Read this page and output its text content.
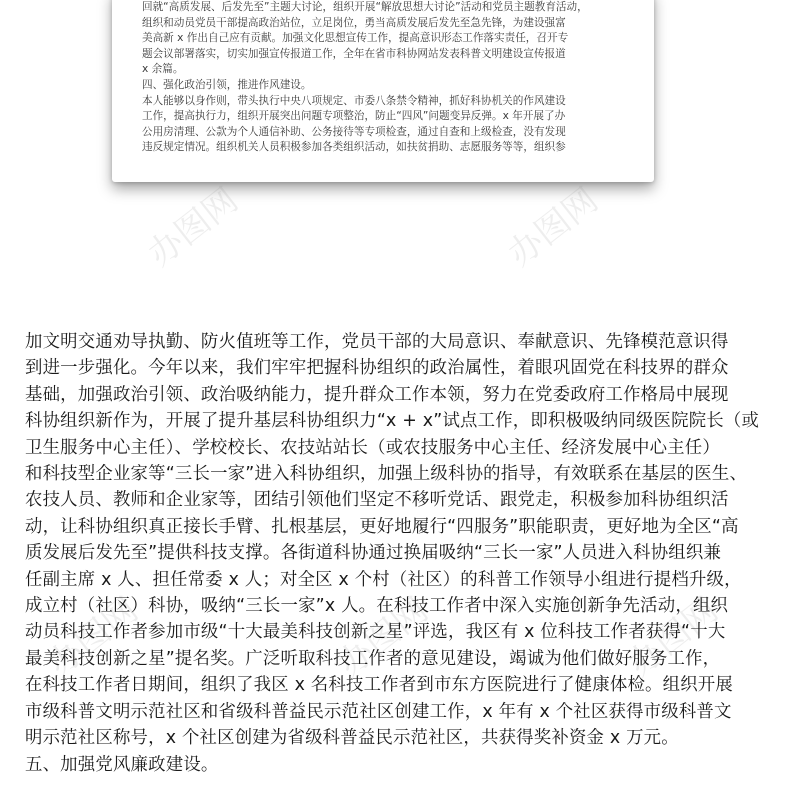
回就“高质发展、后发先至”主题大讨论，组织开展“解放思想大讨论”活动和党员主题教育活动，
组织和动员党员干部提高政治站位，立足岗位，勇当高质发展后发先至急先锋，为建设强富
美高新 x 作出自己应有贡献。加强文化思想宣传工作，提高意识形态工作落实责任，召开专
题会议部署落实，切实加强宣传报道工作，全年在省市科协网站发表科普文明建设宣传报道
x 余篇。
四、强化政治引领，推进作风建设。
本人能够以身作则，带头执行中央八项规定、市委八条禁令精神，抓好科协机关的作风建设
工作，提高执行力，组织开展突出问题专项整治，防止“四风”问题变异反弹。x 年开展了办
公用房清理、公款为个人通信补助、公务接待等专项检查，通过自查和上级检查，没有发现
违反规定情况。组织机关人员积极参加各类组织活动，如扶贫捐助、志愿服务等等，组织参
办图网	办图网
办图网	办图网	办图网
加文明交通劝导执勤、防火值班等工作，党员干部的大局意识、奉献意识、先锋模范意识得
到进一步强化。今年以来，我们牢牢把握科协组织的政治属性，着眼巩固党在科技界的群众
基础，加强政治引领、政治吸纳能力，提升群众工作本领，努力在党委政府工作格局中展现
科协组织新作为，开展了提升基层科协组织力“x + x”试点工作，即积极吸纳同级医院院长（或
卫生服务中心主任）、学校校长、农技站站长（或农技服务中心主任、经济发展中心主任）
和科技型企业家等“三长一家”进入科协组织，加强上级科协的指导，有效联系在基层的医生、
农技人员、教师和企业家等，团结引领他们坚定不移听党话、跟党走，积极参加科协组织活
动，让科协组织真正接长手臂、扎根基层，更好地履行“四服务”职能职责，更好地为全区“高
质发展后发先至”提供科技支撑。各街道科协通过换届吸纳“三长一家”人员进入科协组织兼
任副主席 x 人、担任常委 x 人；对全区 x 个村（社区）的科普工作领导小组进行提档升级，
成立村（社区）科协，吸纳“三长一家”x 人。在科技工作者中深入实施创新争先活动，组织
动员科技工作者参加市级“十大最美科技创新之星”评选，我区有 x 位科技工作者获得“十大
最美科技创新之星”提名奖。广泛听取科技工作者的意见建设，竭诚为他们做好服务工作，
在科技工作者日期间，组织了我区 x 名科技工作者到市东方医院进行了健康体检。组织开展
市级科普文明示范社区和省级科普益民示范社区创建工作，x 年有 x 个社区获得市级科普文
明示范社区称号，x 个社区创建为省级科普益民示范社区，共获得奖补资金 x 万元。
五、加强党风廉政建设。
